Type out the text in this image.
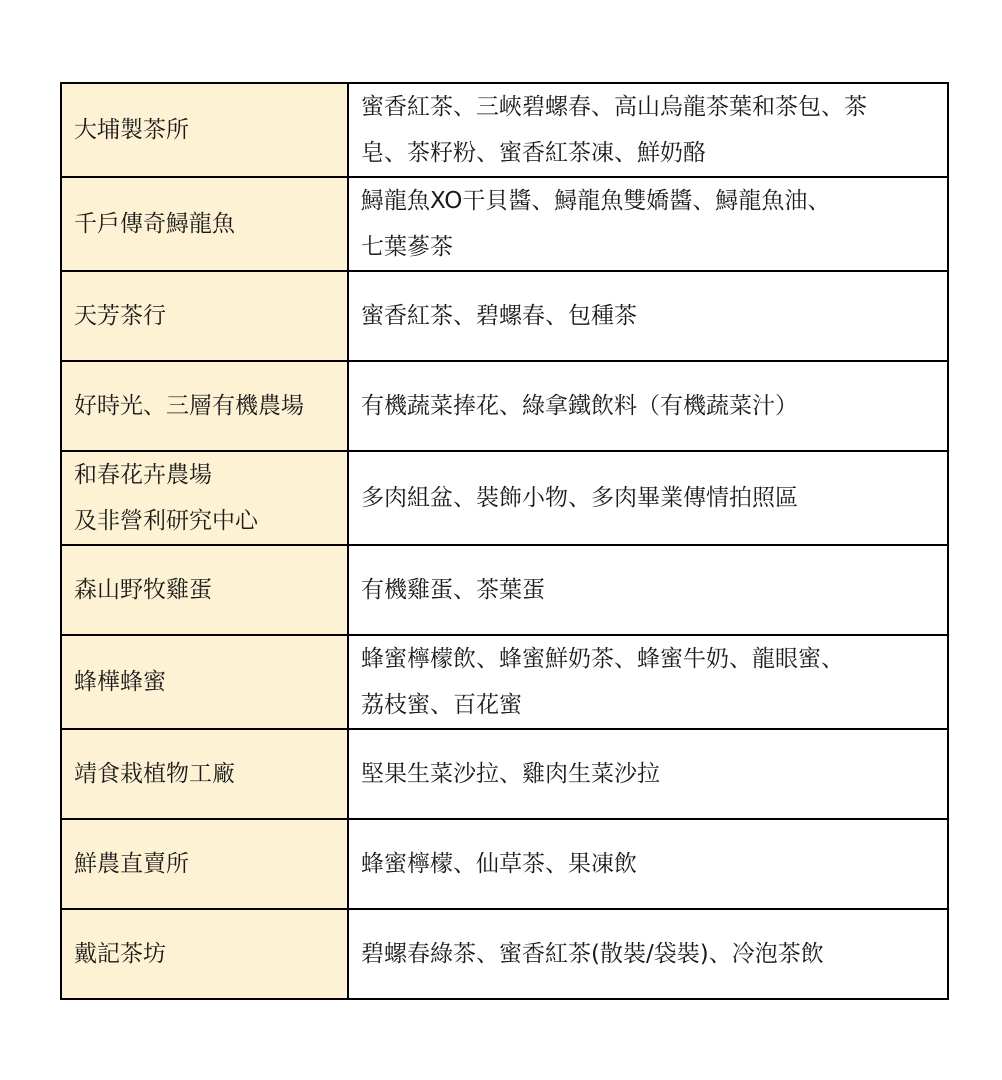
大埔製茶所	蜜香紅茶、三峽碧螺春、高山烏龍茶葉和茶包、茶
皂、茶籽粉、蜜香紅茶凍、鮮奶酪

千戶傳奇鱘龍魚	鱘龍魚XO干貝醬、鱘龍魚雙嬌醬、鱘龍魚油、
七葉蔘茶

天芳茶行	蜜香紅茶、碧螺春、包種茶

好時光、三層有機農場	有機蔬菜捧花、綠拿鐵飲料（有機蔬菜汁）

和春花卉農場
及非營利研究中心	多肉組盆、裝飾小物、多肉畢業傳情拍照區

森山野牧雞蛋	有機雞蛋、茶葉蛋

蜂樺蜂蜜	蜂蜜檸檬飲、蜂蜜鮮奶茶、蜂蜜牛奶、龍眼蜜、
荔枝蜜、百花蜜

靖食栽植物工廠	堅果生菜沙拉、雞肉生菜沙拉

鮮農直賣所	蜂蜜檸檬、仙草茶、果凍飲

戴記茶坊	碧螺春綠茶、蜜香紅茶(散裝/袋裝)、冷泡茶飲
